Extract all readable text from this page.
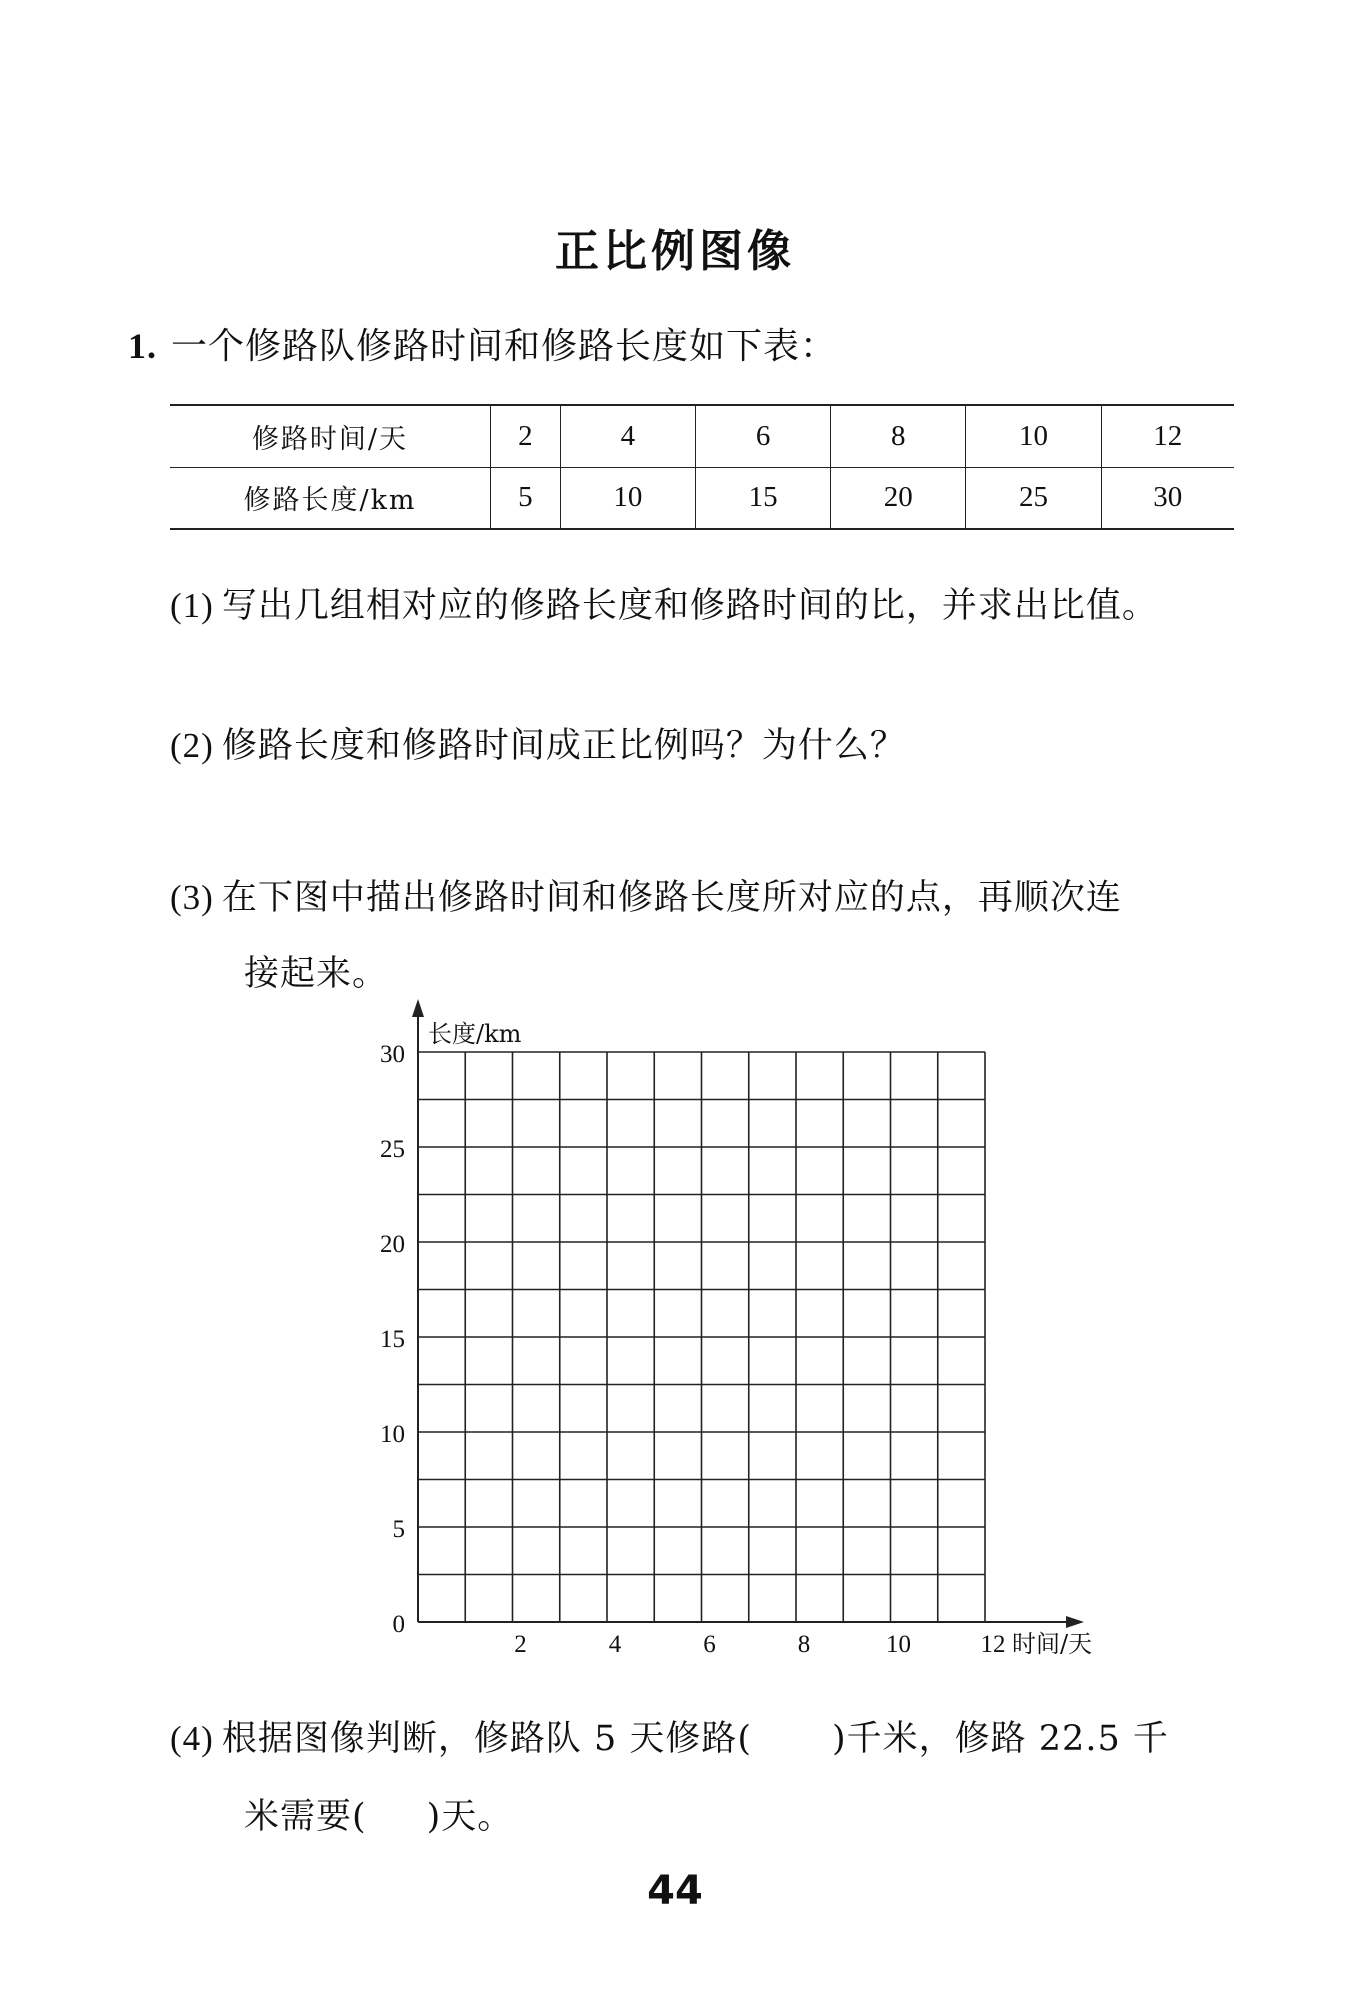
正比例图像
1. 一个修路队修路时间和修路长度如下表：
修路时间/天	2	4	6	8	10	12
修路长度/km	5	10	15	20	25	30
(1) 写出几组相对应的修路长度和修路时间的比，并求出比值。
(2) 修路长度和修路时间成正比例吗？为什么？
(3) 在下图中描出修路时间和修路长度所对应的点，再顺次连
接起来。
0
5
10
15
20
25
30
2	4	6	8	10	12
长度/km
时间/天
(4) 根据图像判断，修路队 5 天修路( )千米，修路 22.5 千
米需要( )天。
44
